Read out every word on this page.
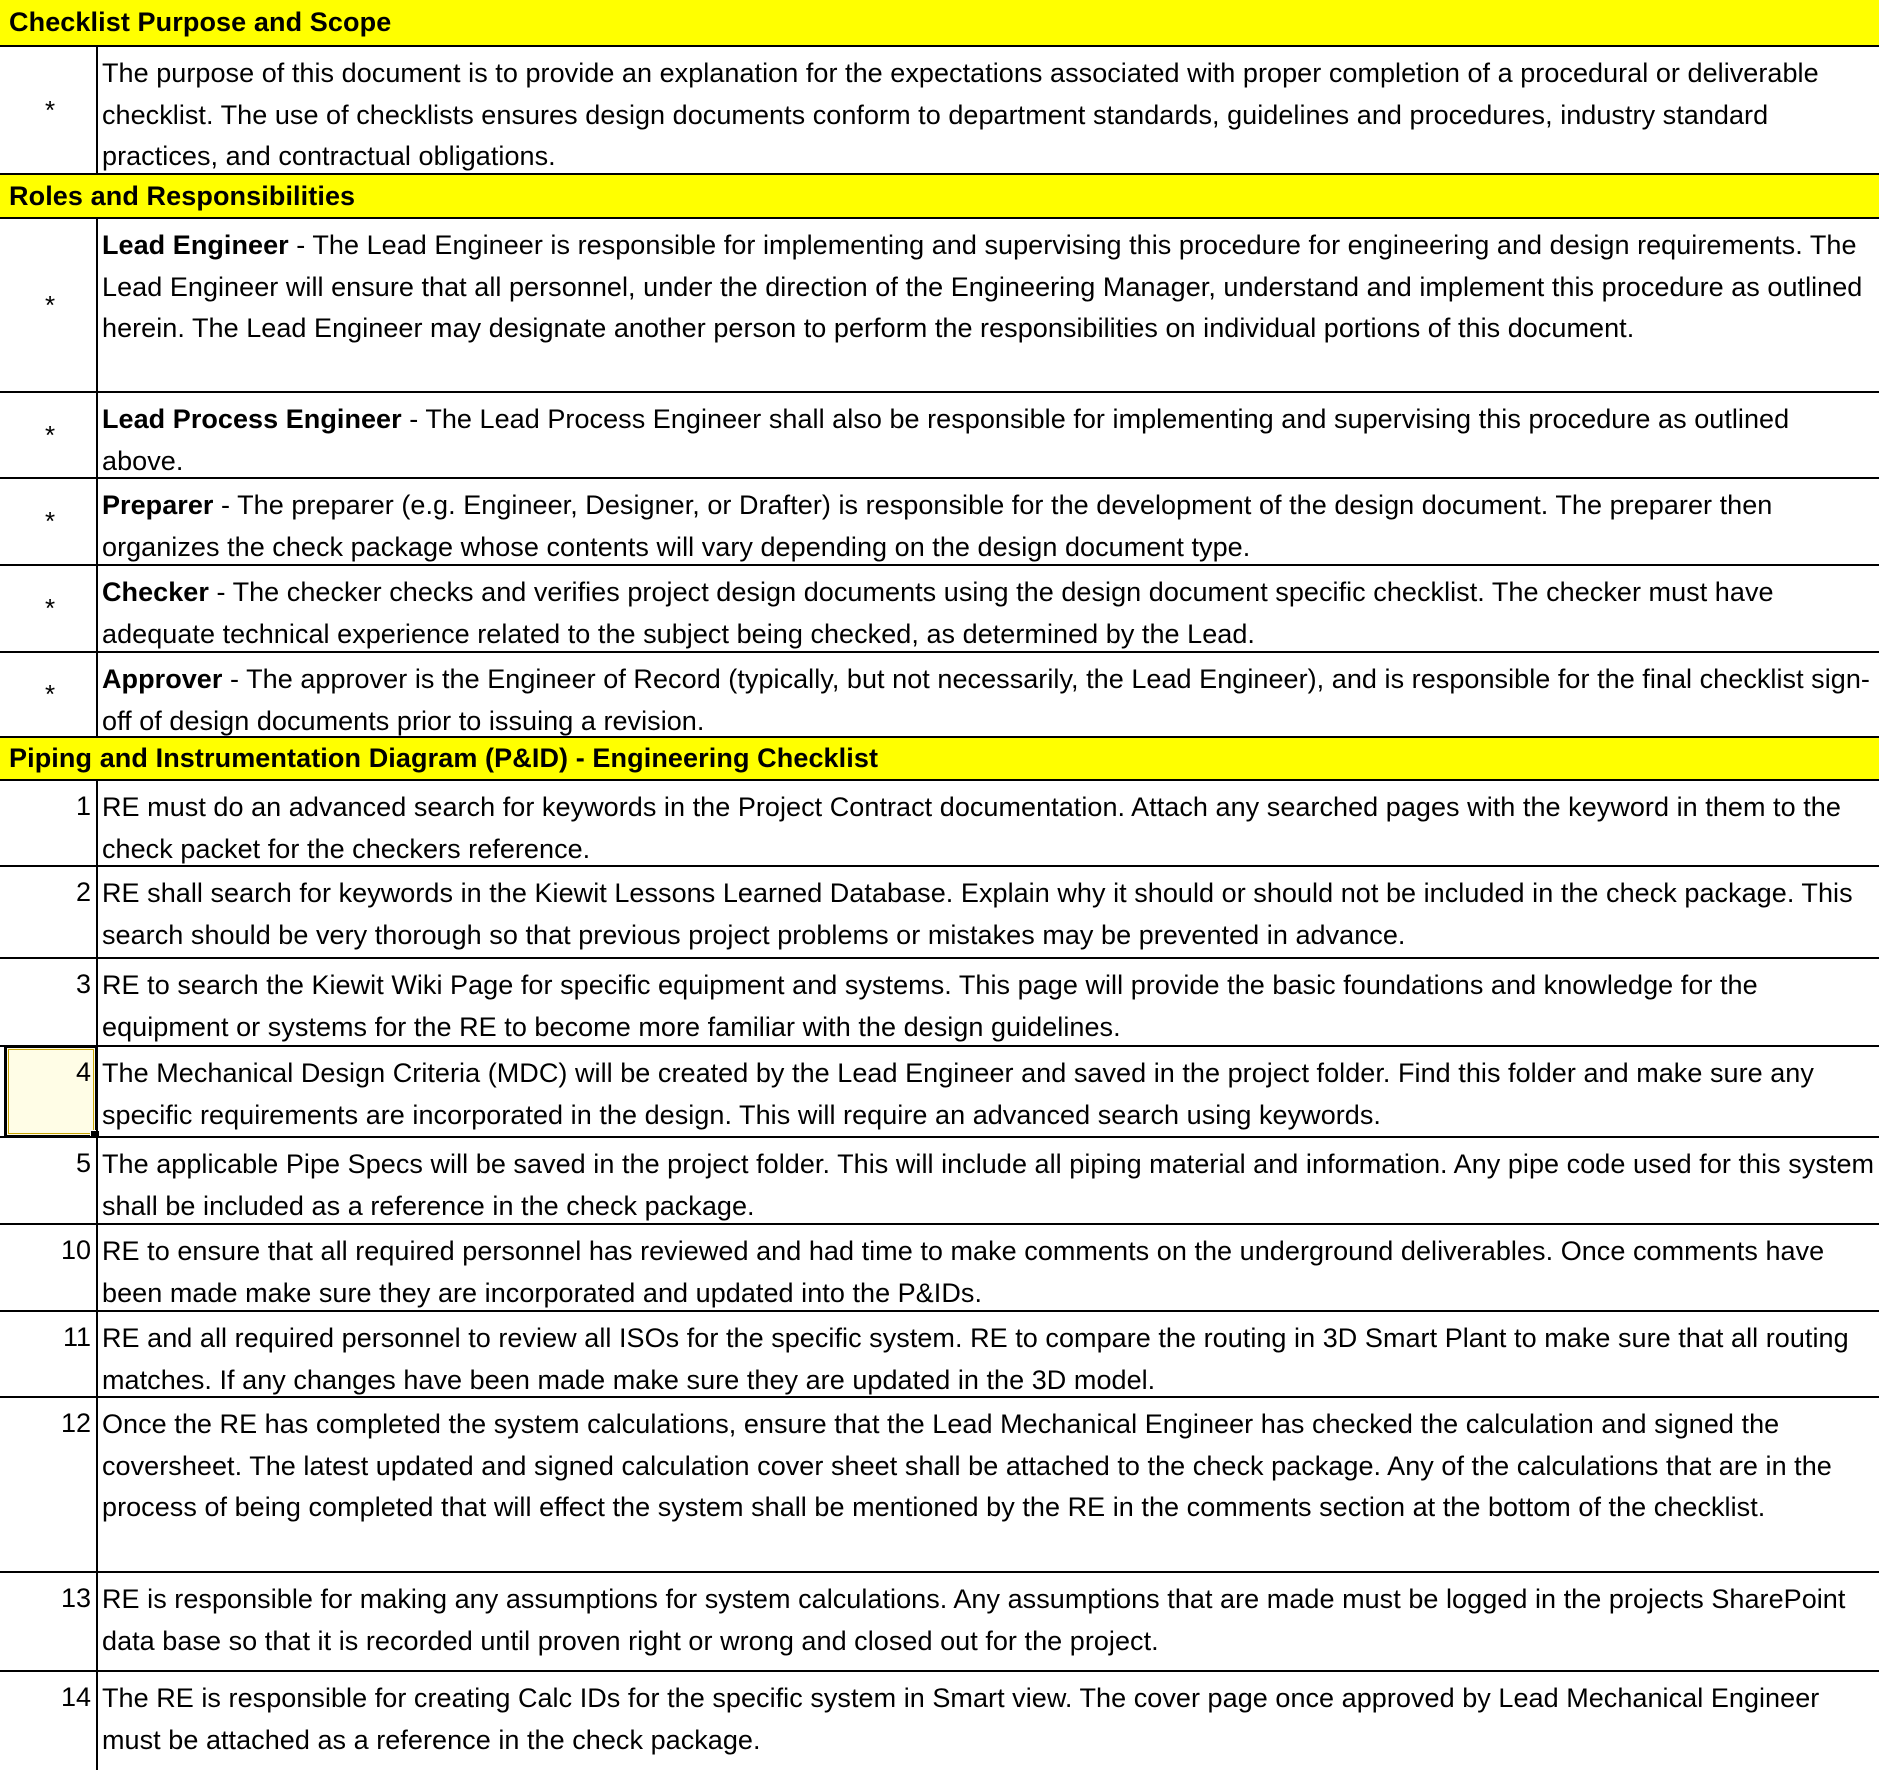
Checklist Purpose and Scope
*
The purpose of this document is to provide an explanation for the expectations associated with proper completion of a procedural or deliverable checklist. The use of checklists ensures design documents conform to department standards, guidelines and procedures, industry standard practices, and contractual obligations.
Roles and Responsibilities
*
Lead Engineer - The Lead Engineer is responsible for implementing and supervising this procedure for engineering and design requirements. The Lead Engineer will ensure that all personnel, under the direction of the Engineering Manager, understand and implement this procedure as outlined herein. The Lead Engineer may designate another person to perform the responsibilities on individual portions of this document.
*
Lead Process Engineer - The Lead Process Engineer shall also be responsible for implementing and supervising this procedure as outlined above.
*
Preparer - The preparer (e.g. Engineer, Designer, or Drafter) is responsible for the development of the design document. The preparer then organizes the check package whose contents will vary depending on the design document type.
*
Checker - The checker checks and verifies project design documents using the design document specific checklist. The checker must have adequate technical experience related to the subject being checked, as determined by the Lead.
*	Approver - The approver is the Engineer of Record (typically, but not necessarily, the Lead Engineer), and is responsible for the final checklist sign-off of design documents prior to issuing a revision.
Piping and Instrumentation Diagram (P&ID) - Engineering Checklist
1 RE must do an advanced search for keywords in the Project Contract documentation. Attach any searched pages with the keyword in them to the check packet for the checkers reference.
2 RE shall search for keywords in the Kiewit Lessons Learned Database. Explain why it should or should not be included in the check package. This search should be very thorough so that previous project problems or mistakes may be prevented in advance.
3 RE to search the Kiewit Wiki Page for specific equipment and systems. This page will provide the basic foundations and knowledge for the equipment or systems for the RE to become more familiar with the design guidelines.
4 The Mechanical Design Criteria (MDC) will be created by the Lead Engineer and saved in the project folder. Find this folder and make sure any specific requirements are incorporated in the design. This will require an advanced search using keywords.
5 The applicable Pipe Specs will be saved in the project folder. This will include all piping material and information. Any pipe code used for this system shall be included as a reference in the check package.
10 RE to ensure that all required personnel has reviewed and had time to make comments on the underground deliverables. Once comments have been made make sure they are incorporated and updated into the P&IDs.
11 RE and all required personnel to review all ISOs for the specific system. RE to compare the routing in 3D Smart Plant to make sure that all routing matches. If any changes have been made make sure they are updated in the 3D model.
12 Once the RE has completed the system calculations, ensure that the Lead Mechanical Engineer has checked the calculation and signed the coversheet. The latest updated and signed calculation cover sheet shall be attached to the check package. Any of the calculations that are in the process of being completed that will effect the system shall be mentioned by the RE in the comments section at the bottom of the checklist.
13 RE is responsible for making any assumptions for system calculations. Any assumptions that are made must be logged in the projects SharePoint data base so that it is recorded until proven right or wrong and closed out for the project.
14 The RE is responsible for creating Calc IDs for the specific system in Smart view. The cover page once approved by Lead Mechanical Engineer must be attached as a reference in the check package.
